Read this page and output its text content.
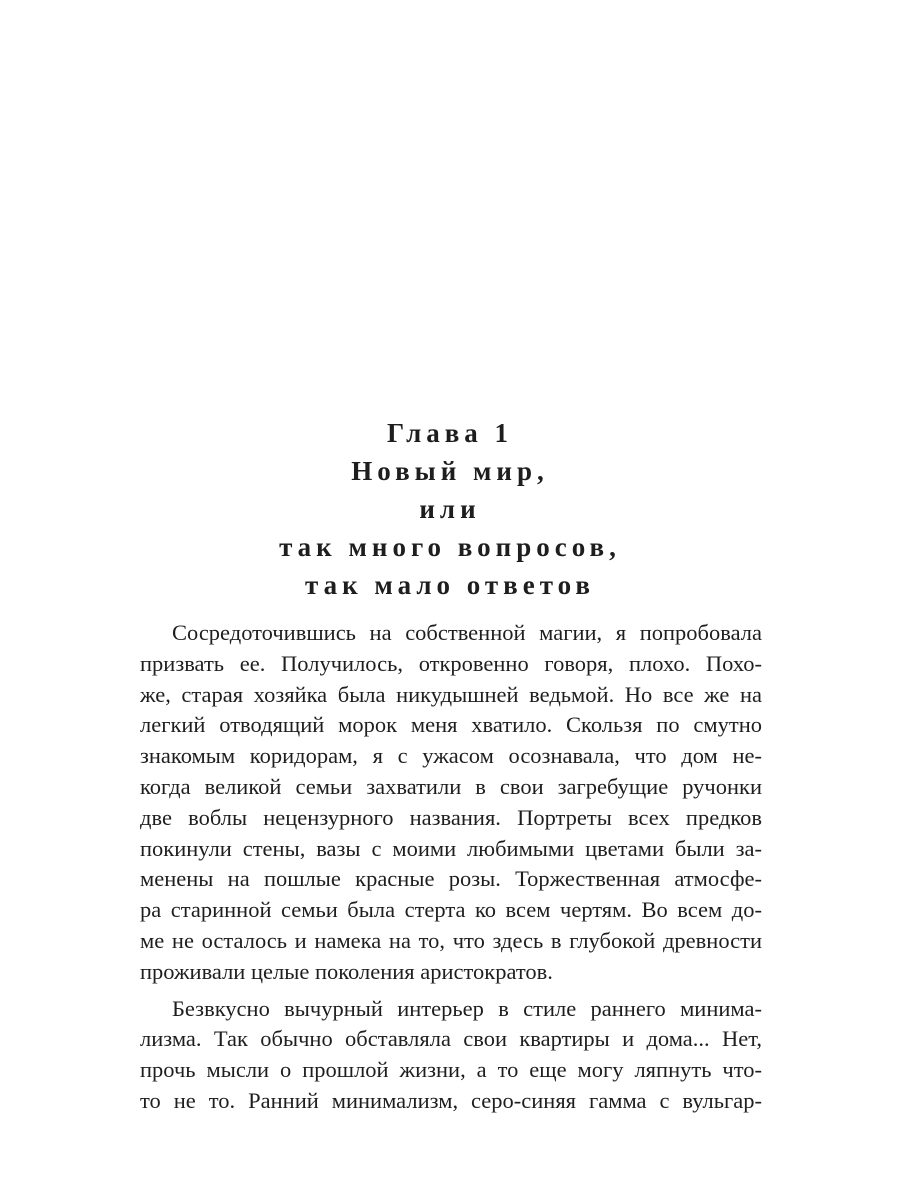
Глава 1
Новый мир,
или
так много вопросов,
так мало ответов
Сосредоточившись на собственной магии, я попробовала
призвать ее. Получилось, откровенно говоря, плохо. Похо-
же, старая хозяйка была никудышней ведьмой. Но все же на
легкий отводящий морок меня хватило. Скользя по смутно
знакомым коридорам, я с ужасом осознавала, что дом не-
когда великой семьи захватили в свои загребущие ручонки
две воблы нецензурного названия. Портреты всех предков
покинули стены, вазы с моими любимыми цветами были за-
менены на пошлые красные розы. Торжественная атмосфе-
ра старинной семьи была стерта ко всем чертям. Во всем до-
ме не осталось и намека на то, что здесь в глубокой древности
проживали целые поколения аристократов.
Безвкусно вычурный интерьер в стиле раннего минима-
лизма. Так обычно обставляла свои квартиры и дома... Нет,
прочь мысли о прошлой жизни, а то еще могу ляпнуть что-
то не то. Ранний минимализм, серо-синяя гамма с вульгар-
